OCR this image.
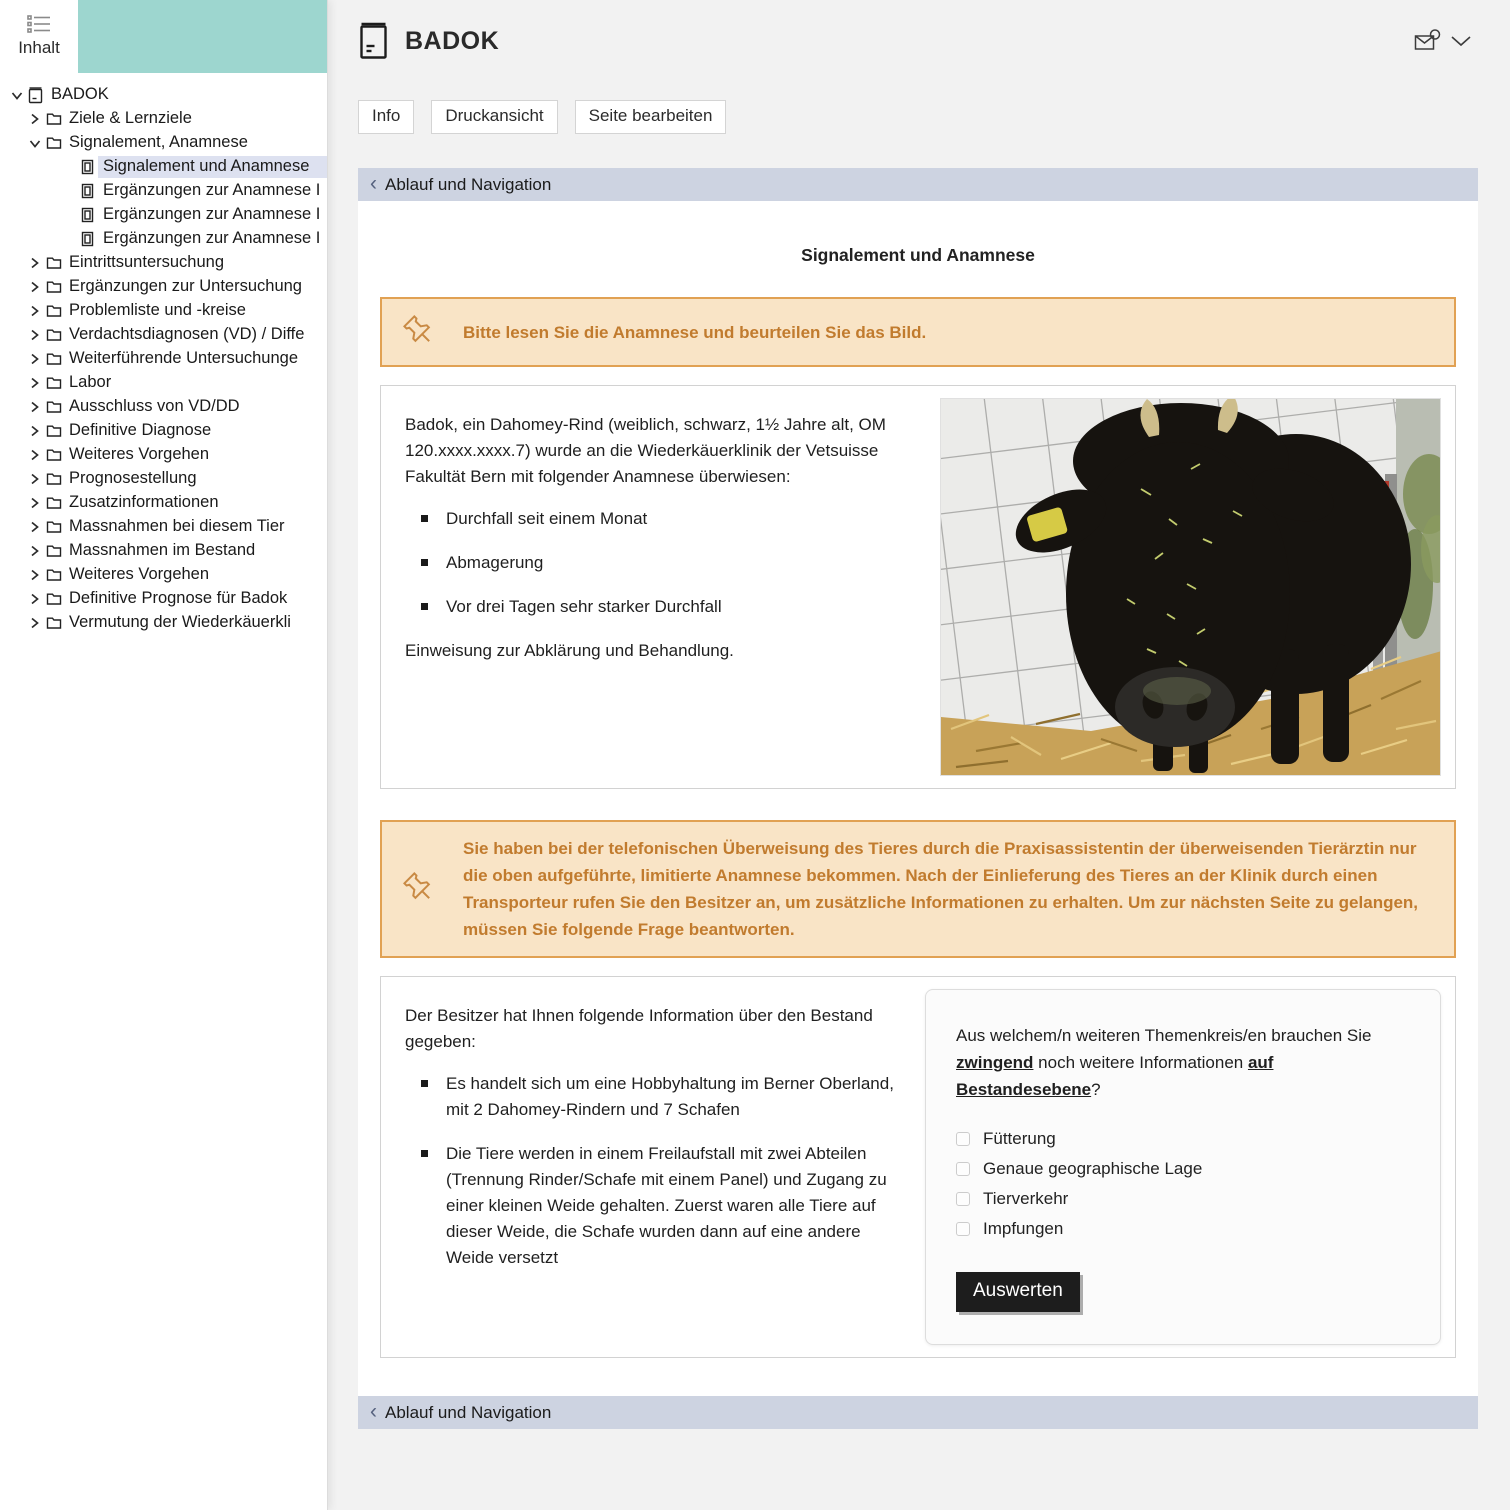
Inhalt
BADOK
Ziele & Lernziele
Signalement, Anamnese
Signalement und Anamnese
Ergänzungen zur Anamnese I
Ergänzungen zur Anamnese I
Ergänzungen zur Anamnese I
Eintrittsuntersuchung
Ergänzungen zur Untersuchung
Problemliste und -kreise
Verdachtsdiagnosen (VD) / Diffe
Weiterführende Untersuchunge
Labor
Ausschluss von VD/DD
Definitive Diagnose
Weiteres Vorgehen
Prognosestellung
Zusatzinformationen
Massnahmen bei diesem Tier
Massnahmen im Bestand
Weiteres Vorgehen
Definitive Prognose für Badok
Vermutung der Wiederkäuerkli
BADOK
Info	Druckansicht	Seite bearbeiten
‹ Ablauf und Navigation
Signalement und Anamnese
Bitte lesen Sie die Anamnese und beurteilen Sie das Bild.
Badok, ein Dahomey-Rind (weiblich, schwarz, 1½ Jahre alt, OM 120.xxxx.xxxx.7) wurde an die Wiederkäuerklinik der Vetsuisse Fakultät Bern mit folgender Anamnese überwiesen:
Durchfall seit einem Monat
Abmagerung
Vor drei Tagen sehr starker Durchfall
Einweisung zur Abklärung und Behandlung.
Sie haben bei der telefonischen Überweisung des Tieres durch die Praxisassistentin der überweisenden Tierärztin nur die oben aufgeführte, limitierte Anamnese bekommen. Nach der Einlieferung des Tieres an der Klinik durch einen Transporteur rufen Sie den Besitzer an, um zusätzliche Informationen zu erhalten. Um zur nächsten Seite zu gelangen, müssen Sie folgende Frage beantworten.
Der Besitzer hat Ihnen folgende Information über den Bestand gegeben:
Es handelt sich um eine Hobbyhaltung im Berner Oberland, mit 2 Dahomey-Rindern und 7 Schafen
Die Tiere werden in einem Freilaufstall mit zwei Abteilen (Trennung Rinder/Schafe mit einem Panel) und Zugang zu einer kleinen Weide gehalten. Zuerst waren alle Tiere auf dieser Weide, die Schafe wurden dann auf eine andere Weide versetzt
Aus welchem/n weiteren Themenkreis/en brauchen Sie zwingend noch weitere Informationen auf Bestandesebene?
Fütterung
Genaue geographische Lage
Tierverkehr
Impfungen
Auswerten
‹ Ablauf und Navigation
